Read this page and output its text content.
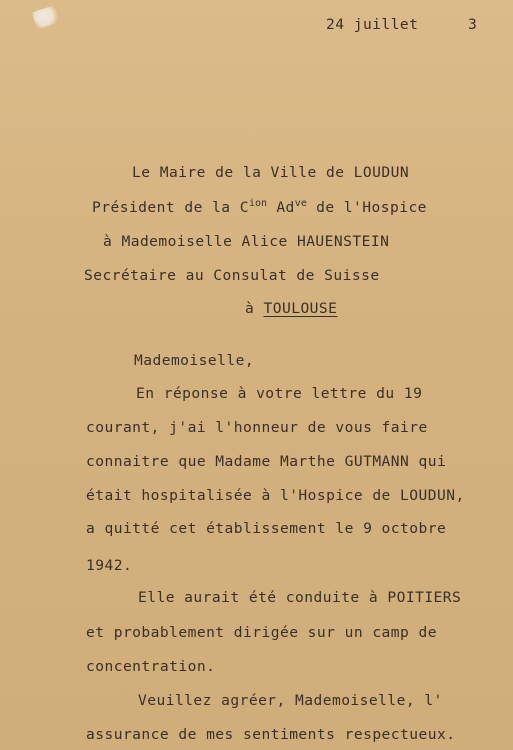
24 juillet	3
Le Maire de la Ville de LOUDUN
Président de la $C^{ion}$ $Ad^{ve}$ de l'Hospice
à Mademoiselle Alice HAUENSTEIN
Secrétaire au Consulat de Suisse
à TOULOUSE
Mademoiselle,
En réponse à votre lettre du 19
courant, j'ai l'honneur de vous faire
connaitre que Madame Marthe GUTMANN qui
était hospitalisée à l'Hospice de LOUDUN,
a quitté cet établissement le 9 octobre
1942.
Elle aurait été conduite à POITIERS
et probablement dirigée sur un camp de
concentration.
Veuillez agréer, Mademoiselle, l'
assurance de mes sentiments respectueux.
